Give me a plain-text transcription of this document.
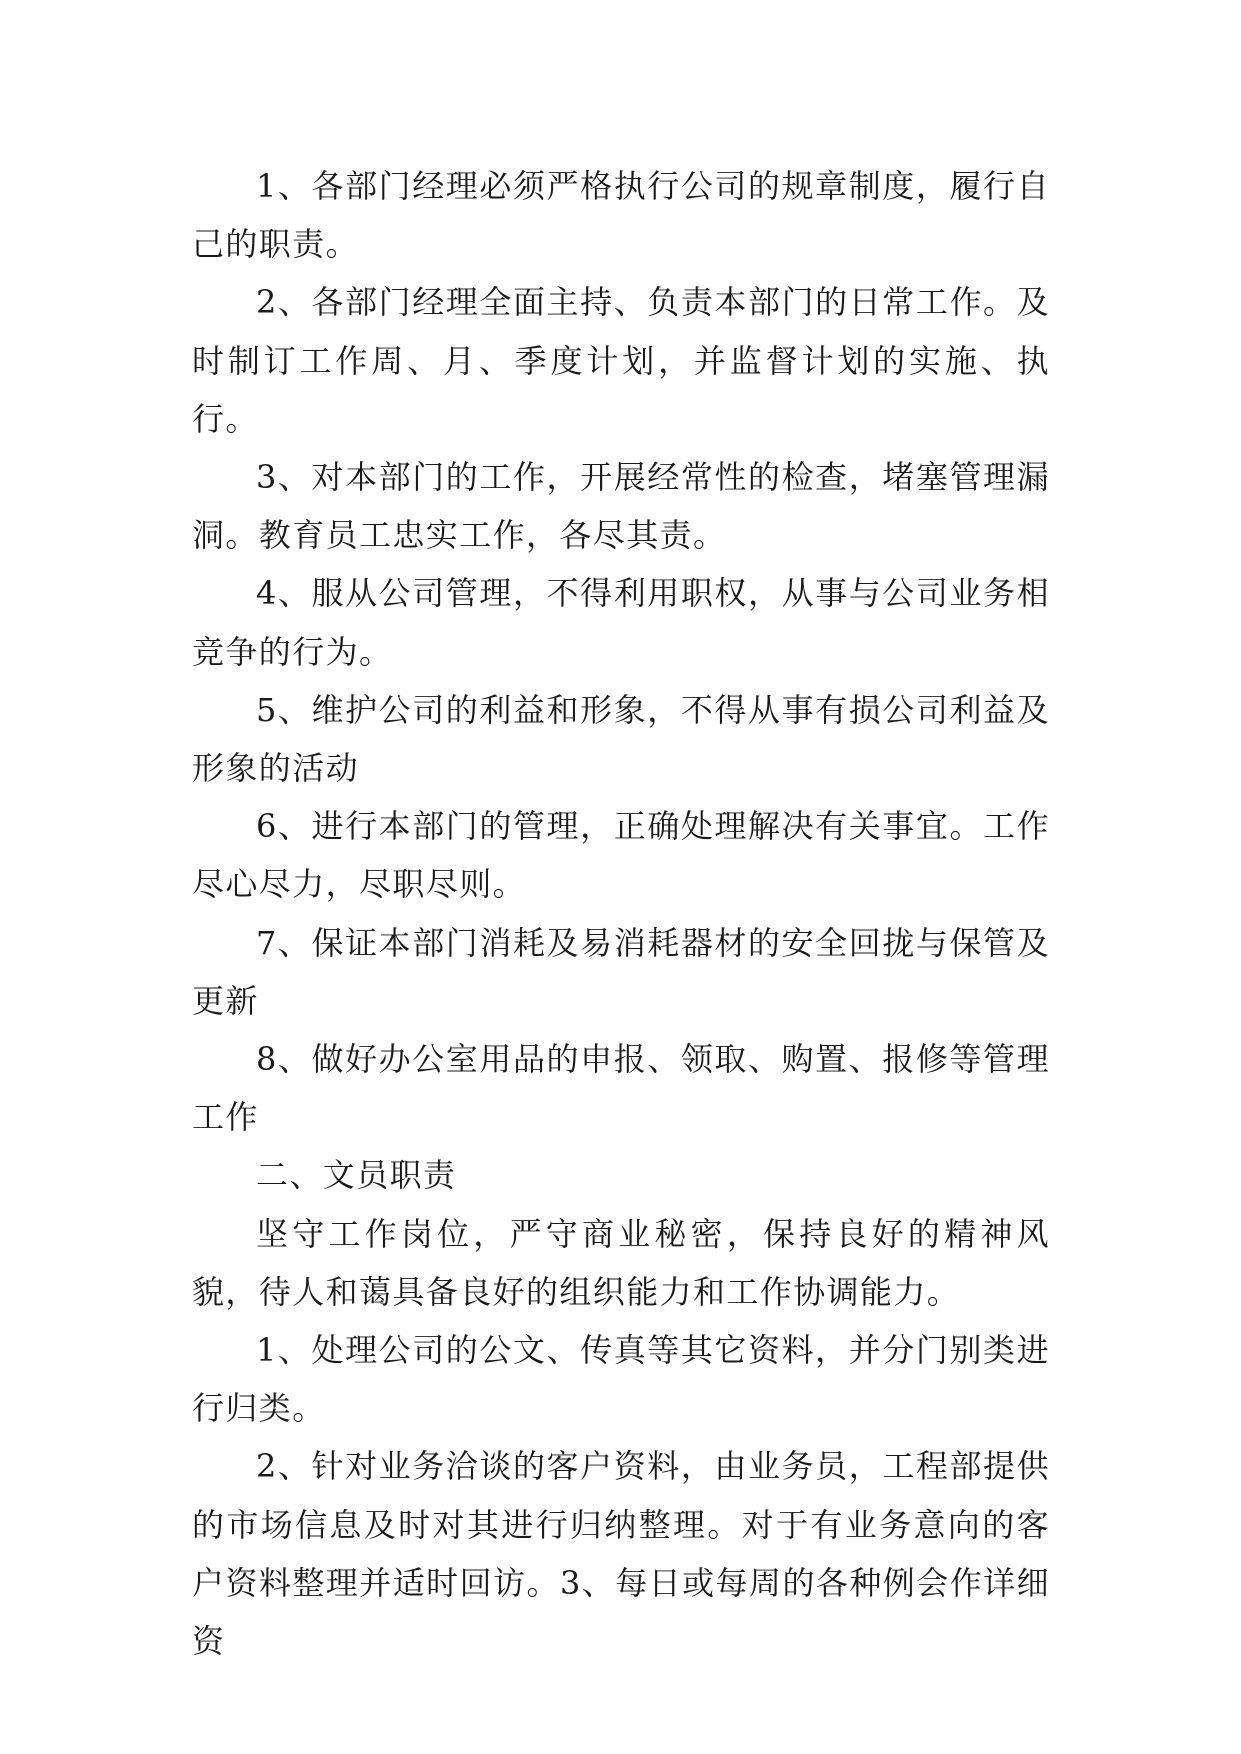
1、各部门经理必须严格执行公司的规章制度，履行自己的职责。

2、各部门经理全面主持、负责本部门的日常工作。及时制订工作周、月、季度计划，并监督计划的实施、执行。

3、对本部门的工作，开展经常性的检查，堵塞管理漏洞。教育员工忠实工作，各尽其责。

4、服从公司管理，不得利用职权，从事与公司业务相竞争的行为。

5、维护公司的利益和形象，不得从事有损公司利益及形象的活动

6、进行本部门的管理，正确处理解决有关事宜。工作尽心尽力，尽职尽则。

7、保证本部门消耗及易消耗器材的安全回拢与保管及更新

8、做好办公室用品的申报、领取、购置、报修等管理工作

二、文员职责

坚守工作岗位，严守商业秘密，保持良好的精神风貌，待人和蔼具备良好的组织能力和工作协调能力。

1、处理公司的公文、传真等其它资料，并分门别类进行归类。

2、针对业务洽谈的客户资料，由业务员，工程部提供的市场信息及时对其进行归纳整理。对于有业务意向的客户资料整理并适时回访。3、每日或每周的各种例会作详细资
